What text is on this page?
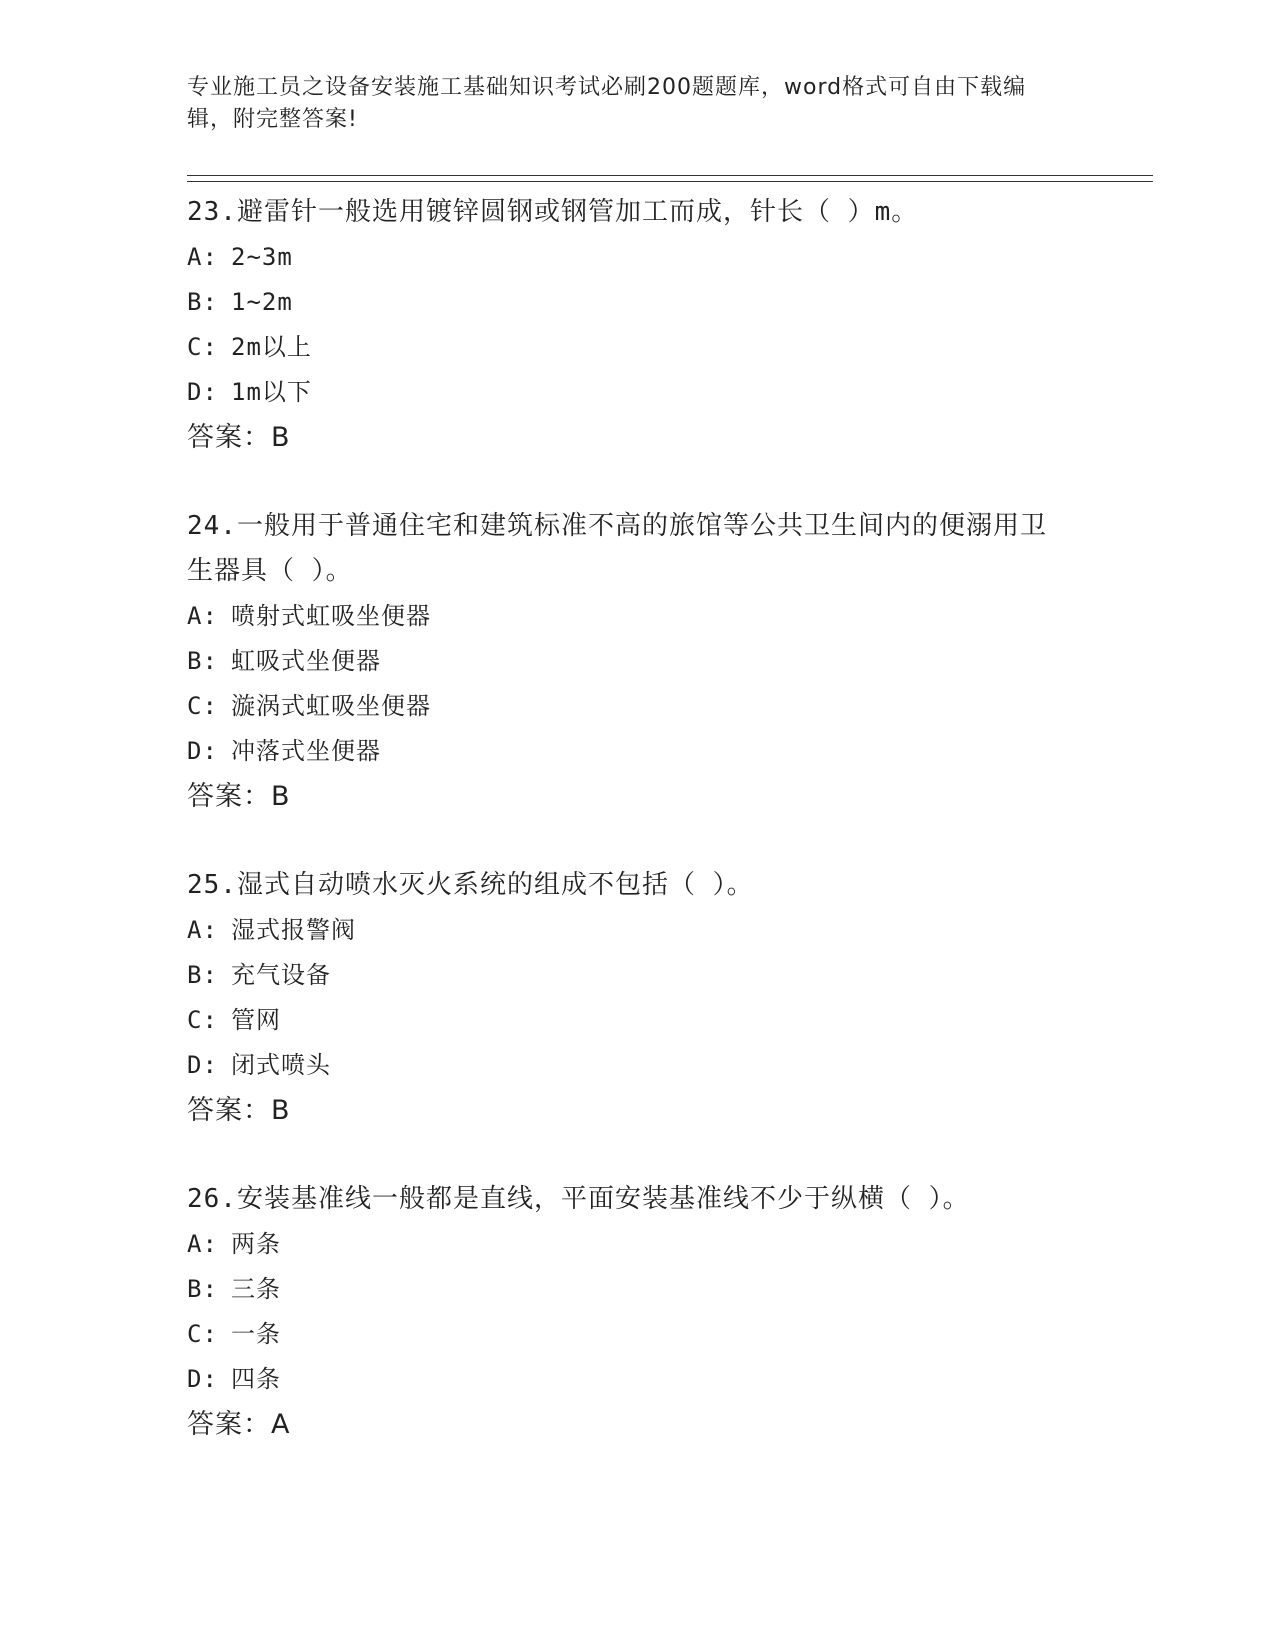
专业施工员之设备安装施工基础知识考试必刷200题题库，word格式可自由下载编辑，附完整答案!
23.避雷针一般选用镀锌圆钢或钢管加工而成，针长（ ）m。
A: 2~3m
B: 1~2m
C: 2m以上
D: 1m以下
答案：B
24.一般用于普通住宅和建筑标准不高的旅馆等公共卫生间内的便溺用卫生器具（ ）。
A: 喷射式虹吸坐便器
B: 虹吸式坐便器
C: 漩涡式虹吸坐便器
D: 冲落式坐便器
答案：B
25.湿式自动喷水灭火系统的组成不包括（ ）。
A: 湿式报警阀
B: 充气设备
C: 管网
D: 闭式喷头
答案：B
26.安装基准线一般都是直线，平面安装基准线不少于纵横（ ）。
A: 两条
B: 三条
C: 一条
D: 四条
答案：A
